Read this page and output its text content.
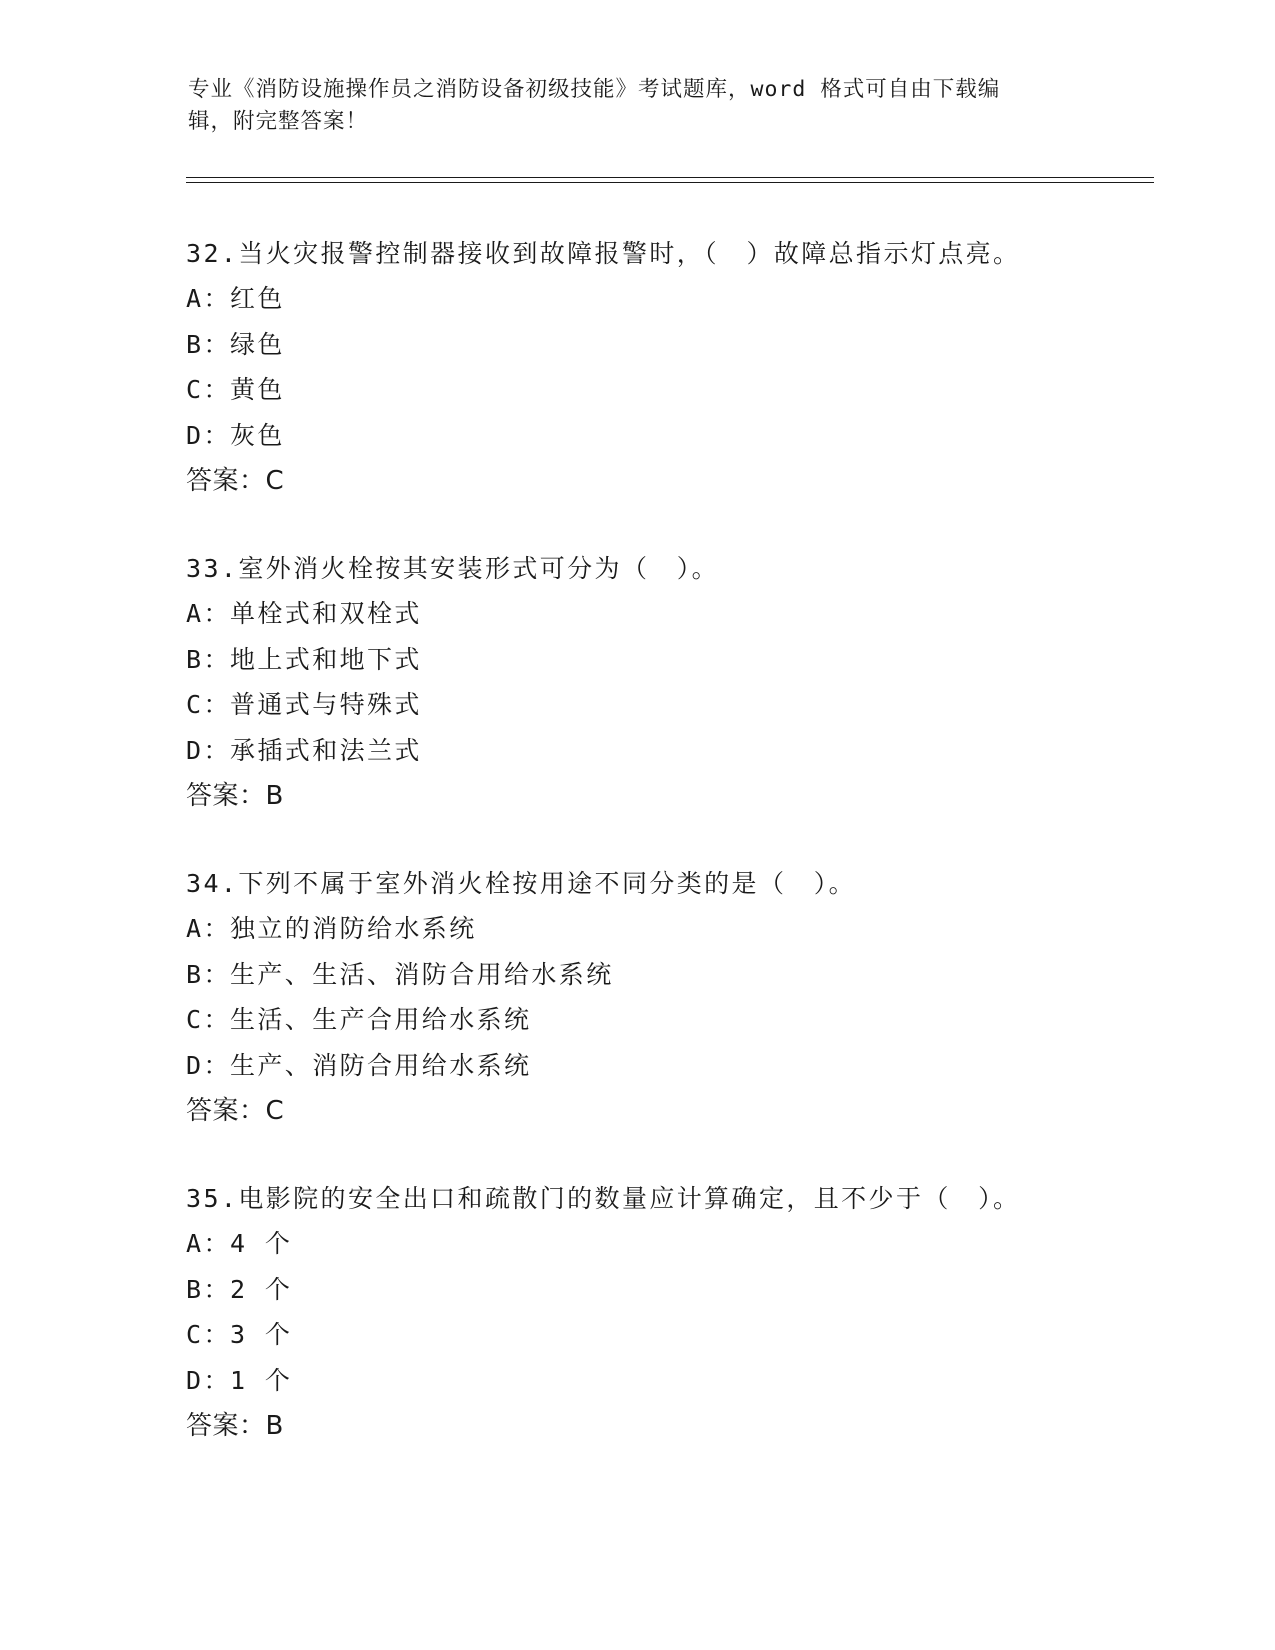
专业《消防设施操作员之消防设备初级技能》考试题库，word 格式可自由下载编
辑，附完整答案！
32.当火灾报警控制器接收到故障报警时，（　）故障总指示灯点亮。
A：红色
B：绿色
C：黄色
D：灰色
答案：C
33.室外消火栓按其安装形式可分为（　）。
A：单栓式和双栓式
B：地上式和地下式
C：普通式与特殊式
D：承插式和法兰式
答案：B
34.下列不属于室外消火栓按用途不同分类的是（　）。
A：独立的消防给水系统
B：生产、生活、消防合用给水系统
C：生活、生产合用给水系统
D：生产、消防合用给水系统
答案：C
35.电影院的安全出口和疏散门的数量应计算确定，且不少于（　）。
A：4 个
B：2 个
C：3 个
D：1 个
答案：B
